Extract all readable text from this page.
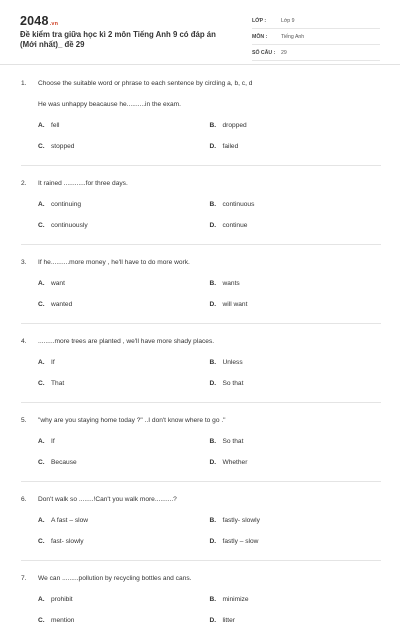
2048.vn
Đề kiểm tra giữa học kì 2 môn Tiếng Anh 9 có đáp án (Mới nhất)_ đề 29
LỚP :	Lớp 9
MÔN :	Tiếng Anh
SỐ CÂU :	29
1.	Choose the suitable word or phrase to each sentence by circling a, b, c, d
He was unhappy beacause he..........in the exam.
A. fell	B. dropped
C. stopped	D. failed
2.	It rained ............for three days.
A. continuing	B. continuous
C. continuously	D. continue
3.	If he..........more money , he'll have to do more work.
A. want	B. wants
C. wanted	D. will want
4.	.........more trees are planted , we'll have more shady places.
A. If	B. Unless
C. That	D. So that
5.	"why are you staying home today ?" ..I don't know where to go ."
A. If	B. So that
C. Because	D. Whether
6.	Don't walk so ........!Can't you walk more..........?
A. A fast – slow	B. fastly- slowly
C. fast- slowly	D. fastly – slow
7.	We can .........pollution by recycling bottles and cans.
A. prohibit	B. minimize
C. mention	D. litter
